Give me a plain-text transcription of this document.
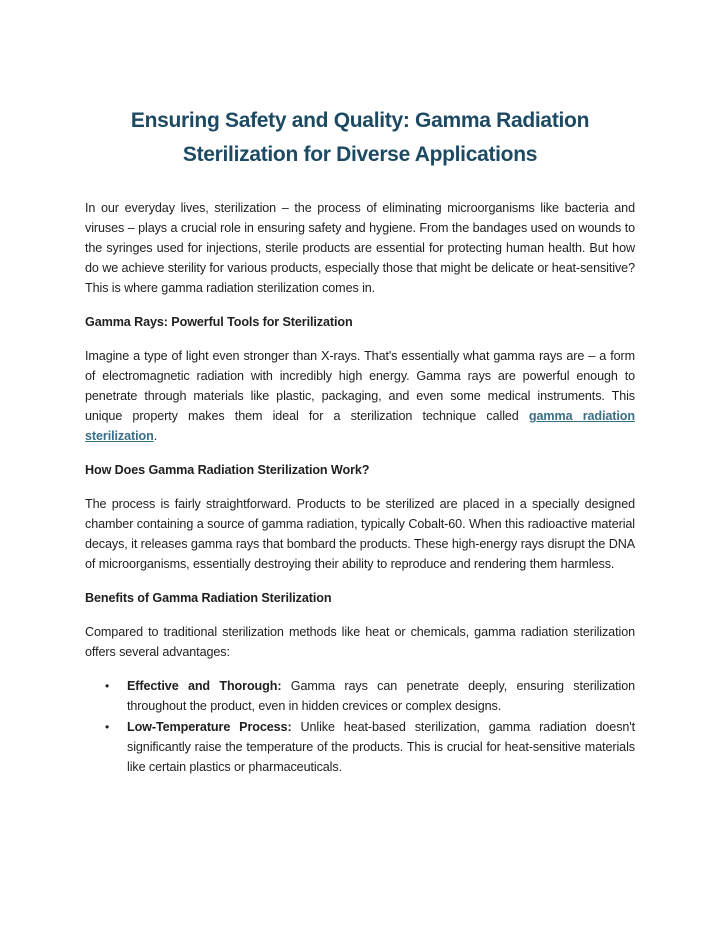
Ensuring Safety and Quality: Gamma Radiation
Sterilization for Diverse Applications

In our everyday lives, sterilization – the process of eliminating microorganisms like bacteria and viruses – plays a crucial role in ensuring safety and hygiene. From the bandages used on wounds to the syringes used for injections, sterile products are essential for protecting human health. But how do we achieve sterility for various products, especially those that might be delicate or heat-sensitive? This is where gamma radiation sterilization comes in.

Gamma Rays: Powerful Tools for Sterilization

Imagine a type of light even stronger than X-rays. That's essentially what gamma rays are – a form of electromagnetic radiation with incredibly high energy. Gamma rays are powerful enough to penetrate through materials like plastic, packaging, and even some medical instruments. This unique property makes them ideal for a sterilization technique called gamma radiation sterilization.

How Does Gamma Radiation Sterilization Work?

The process is fairly straightforward. Products to be sterilized are placed in a specially designed chamber containing a source of gamma radiation, typically Cobalt-60. When this radioactive material decays, it releases gamma rays that bombard the products. These high-energy rays disrupt the DNA of microorganisms, essentially destroying their ability to reproduce and rendering them harmless.

Benefits of Gamma Radiation Sterilization

Compared to traditional sterilization methods like heat or chemicals, gamma radiation sterilization offers several advantages:

• Effective and Thorough: Gamma rays can penetrate deeply, ensuring sterilization throughout the product, even in hidden crevices or complex designs.
• Low-Temperature Process: Unlike heat-based sterilization, gamma radiation doesn't significantly raise the temperature of the products. This is crucial for heat-sensitive materials like certain plastics or pharmaceuticals.
